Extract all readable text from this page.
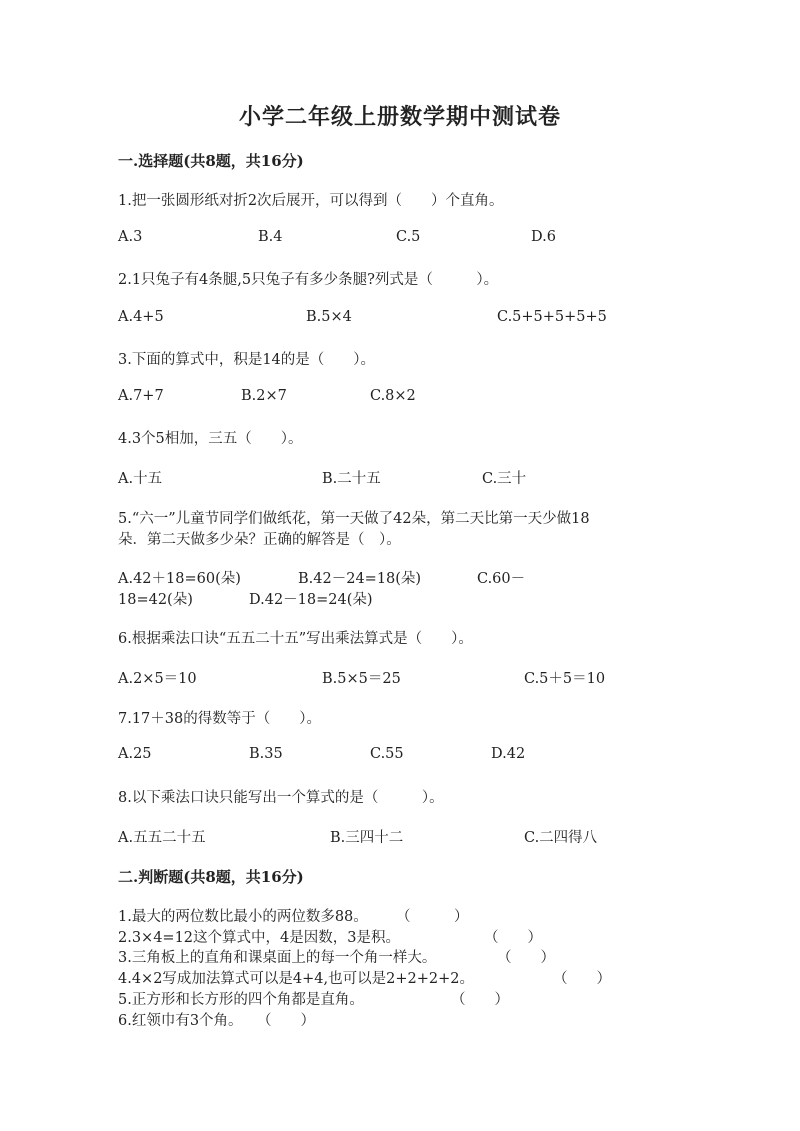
小学二年级上册数学期中测试卷
一.选择题(共8题，共16分)
1.把一张圆形纸对折2次后展开，可以得到（　　）个直角。
A.3	B.4	C.5	D.6
2.1只兔子有4条腿,5只兔子有多少条腿?列式是（　　　）。
A.4+5	B.5×4	C.5+5+5+5+5
3.下面的算式中，积是14的是（　　）。
A.7+7	B.2×7	C.8×2
4.3个5相加，三五（　　）。
A.十五	B.二十五	C.三十
5.“六一”儿童节同学们做纸花，第一天做了42朵，第二天比第一天少做18
朵．第二天做多少朵？正确的解答是（　）。
A.42＋18=60(朵)	B.42－24=18(朵)	C.60－
18=42(朵)	D.42－18=24(朵)
6.根据乘法口诀“五五二十五”写出乘法算式是（　　）。
A.2×5＝10	B.5×5＝25	C.5＋5＝10
7.17＋38的得数等于（　　）。
A.25	B.35	C.55	D.42
8.以下乘法口诀只能写出一个算式的是（　　　）。
A.五五二十五	B.三四十二	C.二四得八
二.判断题(共8题，共16分)
1.最大的两位数比最小的两位数多88。 （　　　）
2.3×4=12这个算式中，4是因数，3是积。	（　　）
3.三角板上的直角和课桌面上的每一个角一样大。	（　　）
4.4×2写成加法算式可以是4+4,也可以是2+2+2+2。	（　　）
5.正方形和长方形的四个角都是直角。	（　　）
6.红领巾有3个角。 （　　）
